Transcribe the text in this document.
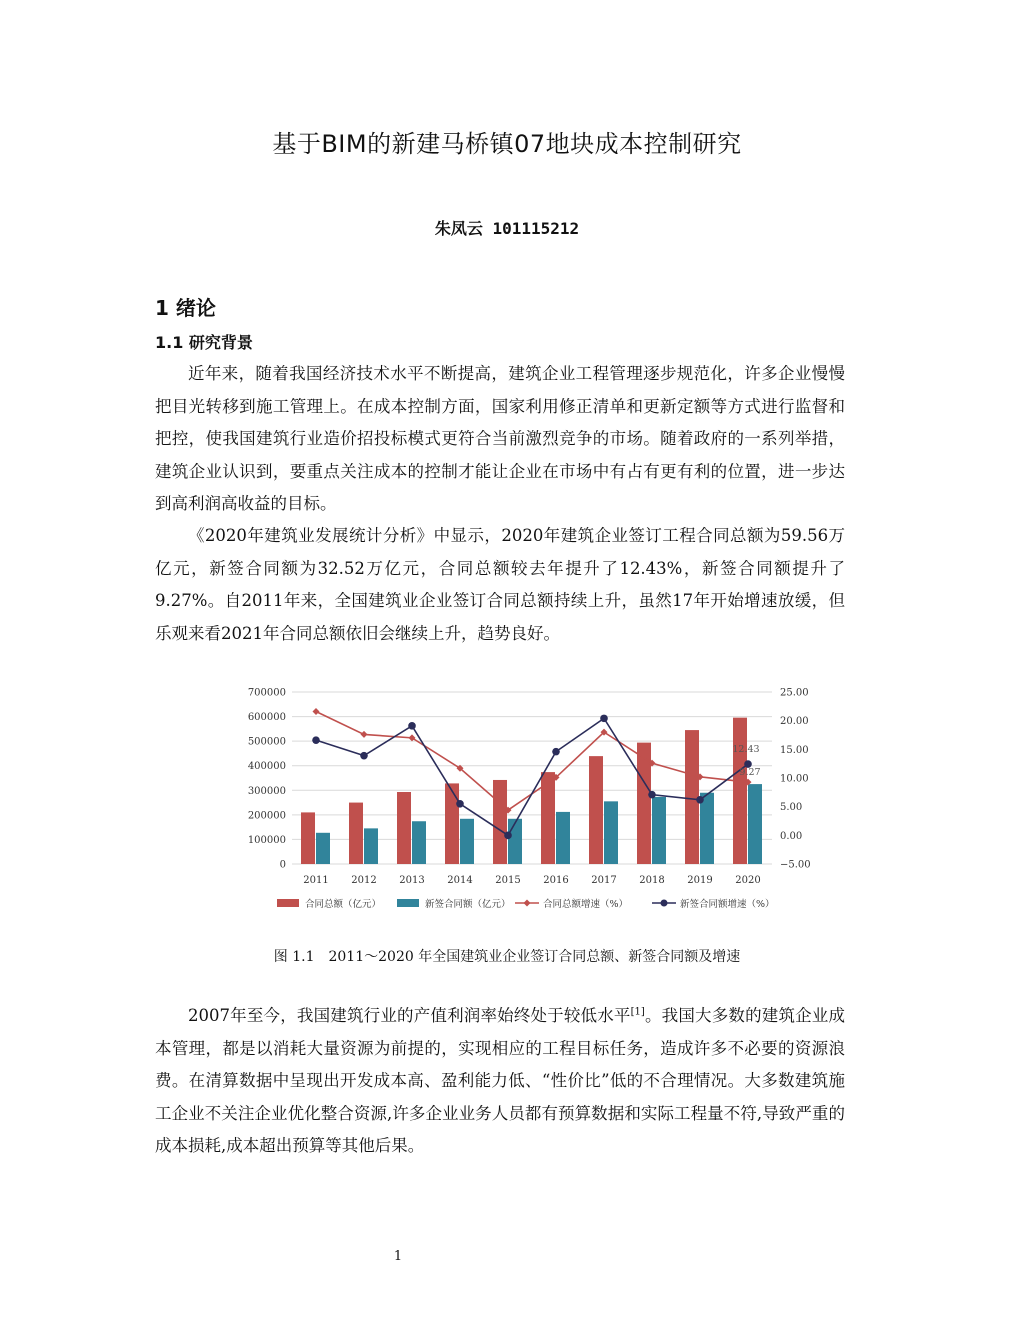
基于BIM的新建马桥镇07地块成本控制研究
朱凤云 101115212
1 绪论
1.1 研究背景

近年来，随着我国经济技术水平不断提高，建筑企业工程管理逐步规范化，许多企业慢慢把目光转移到施工管理上。在成本控制方面，国家利用修正清单和更新定额等方式进行监督和把控，使我国建筑行业造价招投标模式更符合当前激烈竞争的市场。随着政府的一系列举措，建筑企业认识到，要重点关注成本的控制才能让企业在市场中有占有更有利的位置，进一步达到高利润高收益的目标。

《2020年建筑业发展统计分析》中显示，2020年建筑企业签订工程合同总额为59.56万亿元，新签合同额为32.52万亿元，合同总额较去年提升了12.43%，新签合同额提升了9.27%。自2011年来，全国建筑业企业签订合同总额持续上升，虽然17年开始增速放缓，但乐观来看2021年合同总额依旧会继续上升，趋势良好。

0
100000
200000
300000
400000
500000
600000
700000
−5.00
0.00
5.00
10.00
15.00
20.00
25.00
2011 2012 2013 2014 2015 2016 2017 2018 2019 2020
12.43
9.27
合同总额（亿元）	新签合同额（亿元）	合同总额增速（%）	新签合同额增速（%）
图 1.1　2011～2020 年全国建筑业企业签订合同总额、新签合同额及增速

2007年至今，我国建筑行业的产值利润率始终处于较低水平[1]。我国大多数的建筑企业成本管理，都是以消耗大量资源为前提的，实现相应的工程目标任务，造成许多不必要的资源浪费。在清算数据中呈现出开发成本高、盈利能力低、“性价比”低的不合理情况。大多数建筑施工企业不关注企业优化整合资源,许多企业业务人员都有预算数据和实际工程量不符,导致严重的成本损耗,成本超出预算等其他后果。

1
